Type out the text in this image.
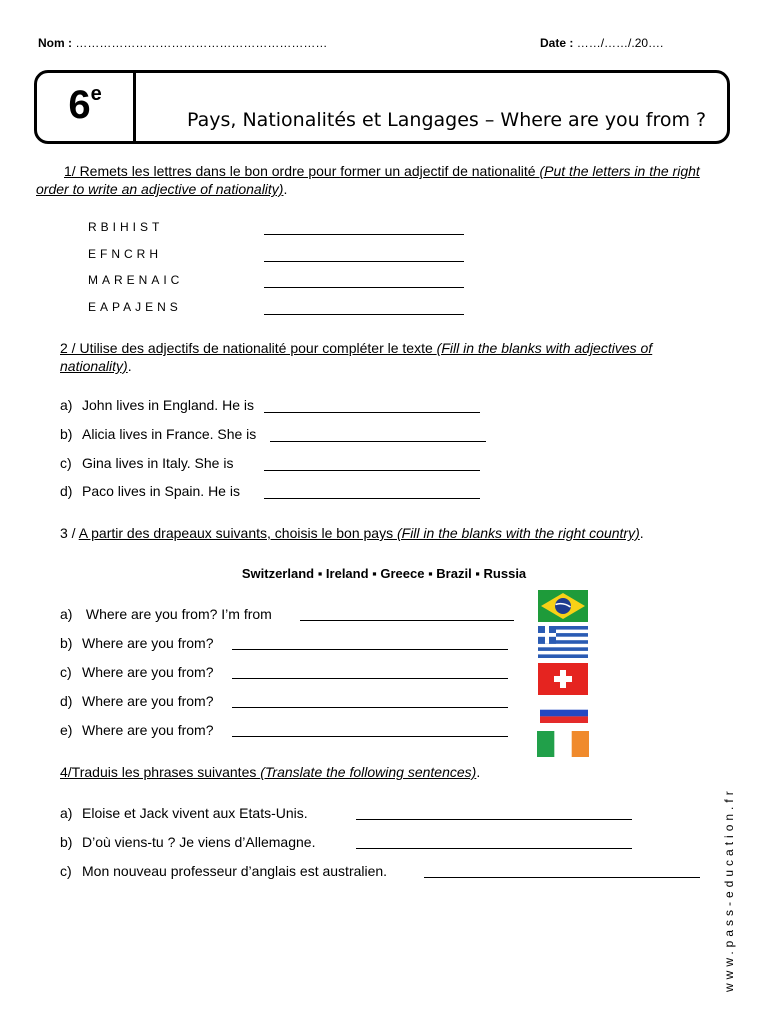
Nom : ………………………………………………………	Date : ……/……/.20….
6e
Pays, Nationalités et Langages – Where are you from ?
1/ Remets les lettres dans le bon ordre pour former un adjectif de nationalité (Put the letters in the right order to write an adjective of nationality).
RBIHIST
EFNCRH
MARENAIC
EAPAJENS
2 / Utilise des adjectifs de nationalité pour compléter le texte (Fill in the blanks with adjectives of nationality).
a) John lives in England. He is
b) Alicia lives in France. She is
c) Gina lives in Italy. She is
d) Paco lives in Spain. He is
3 / A partir des drapeaux suivants, choisis le bon pays (Fill in the blanks with the right country).
Switzerland ▪ Ireland ▪ Greece ▪ Brazil ▪ Russia
a) Where are you from? I’m from
b) Where are you from?
c) Where are you from?
d) Where are you from?
e) Where are you from?
4/Traduis les phrases suivantes (Translate the following sentences).
a) Eloise et Jack vivent aux Etats-Unis.
b) D’où viens-tu ? Je viens d’Allemagne.
c) Mon nouveau professeur d’anglais est australien.	www.pass-education.fr
